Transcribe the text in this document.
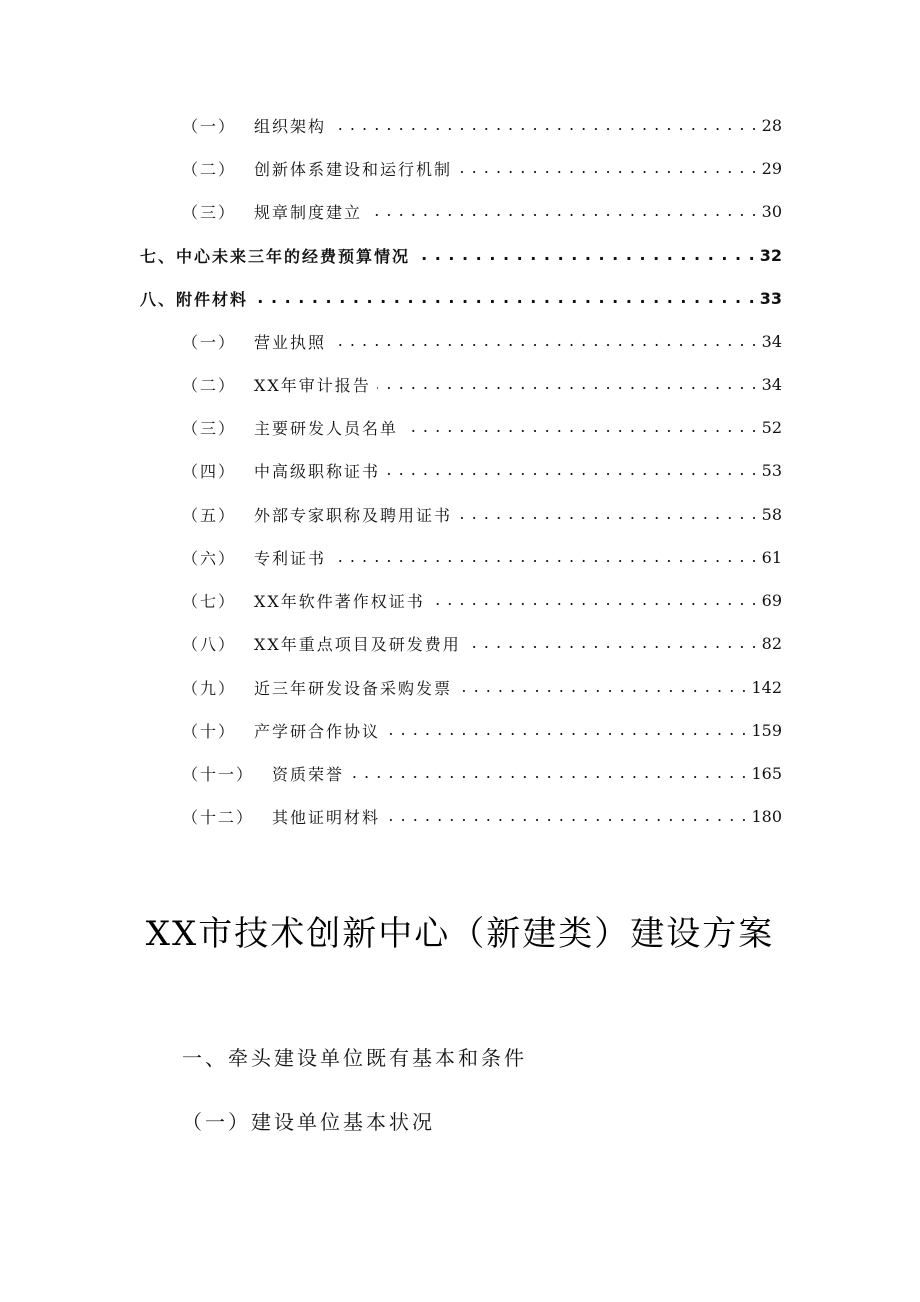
（一） 组织架构 . . .	28
（二） 创新体系建设和运行机制 . . .	29
（三） 规章制度建立 . . .	30
七、中心未来三年的经费预算情况 . . .	32
八、附件材料 . . .	33
（一） 营业执照 . . .	34
（二） XX年审计报告 . . .	34
（三） 主要研发人员名单 . . .	52
（四） 中高级职称证书 . . .	53
（五） 外部专家职称及聘用证书 . . .	58
（六） 专利证书 . . .	61
（七） XX年软件著作权证书 . . .	69
（八） XX年重点项目及研发费用 . . .	82
（九） 近三年研发设备采购发票 . . .	142
（十） 产学研合作协议 . . .	159
（十一） 资质荣誉 . . .	165
（十二） 其他证明材料 . . .	180
XX市技术创新中心（新建类）建设方案
一、牵头建设单位既有基本和条件
（一）建设单位基本状况
